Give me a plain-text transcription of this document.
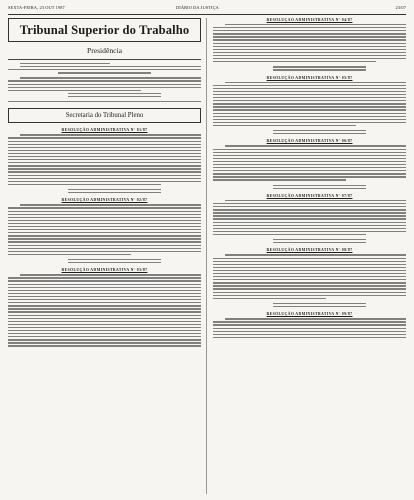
SEXTA-FEIRA, 23 OUT 1987	DIÁRIO DA JUSTIÇA	23/07
Tribunal Superior do Trabalho
Presidência
Secretaria do Tribunal Pleno
RESOLUÇÃO ADMINISTRATIVA Nº 01/87
RESOLUÇÃO ADMINISTRATIVA Nº 02/87
RESOLUÇÃO ADMINISTRATIVA Nº 03/87
RESOLUÇÃO ADMINISTRATIVA Nº 04/87
RESOLUÇÃO ADMINISTRATIVA Nº 05/87
RESOLUÇÃO ADMINISTRATIVA Nº 06/87
RESOLUÇÃO ADMINISTRATIVA Nº 07/87
RESOLUÇÃO ADMINISTRATIVA Nº 08/87
RESOLUÇÃO ADMINISTRATIVA Nº 09/87
